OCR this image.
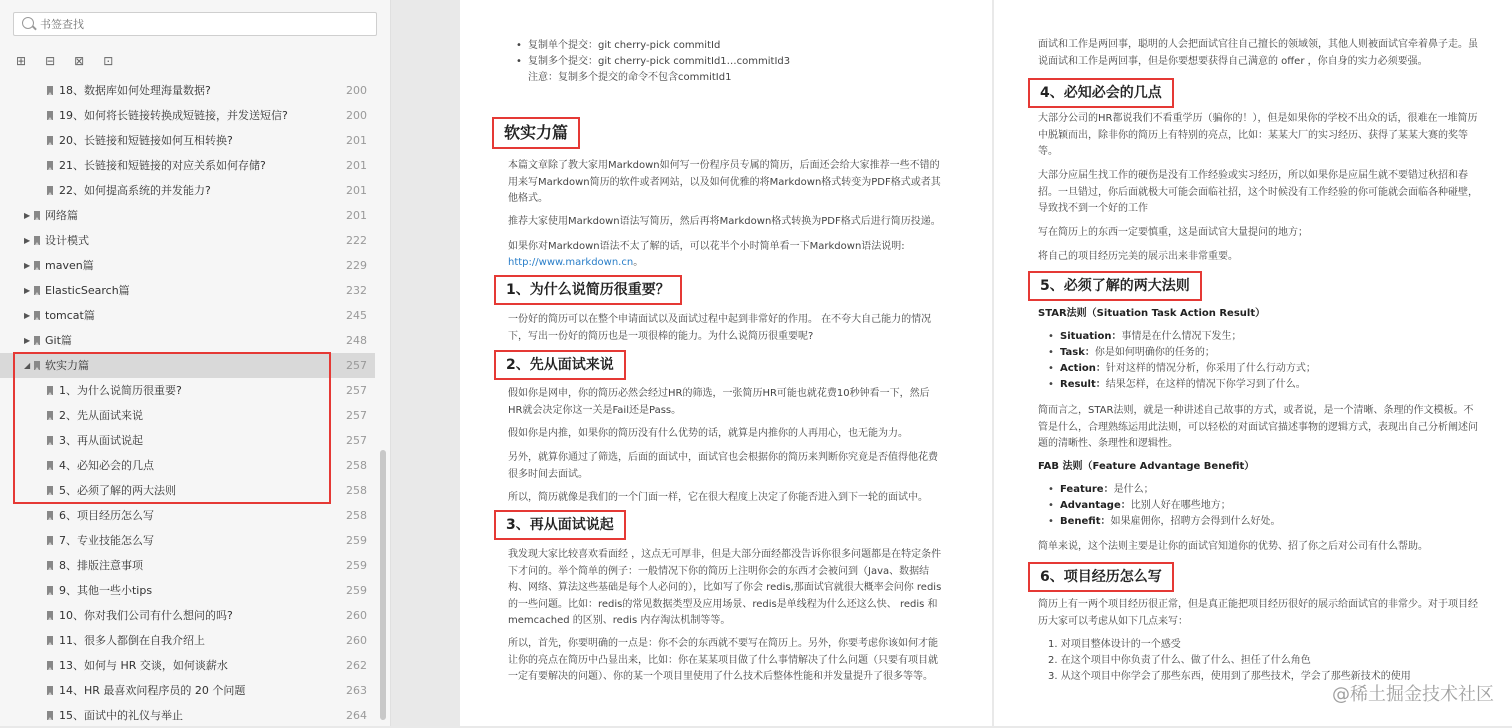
书签查找
⊞ ⊟ ⊠ ⊡
18、数据库如何处理海量数据?	200
19、如何将长链接转换成短链接，并发送短信?	200
20、长链接和短链接如何互相转换?	201
21、长链接和短链接的对应关系如何存储?	201
22、如何提高系统的并发能力?	201
▶ 网络篇	201
▶ 设计模式	222
▶ maven篇	229
▶ ElasticSearch篇	232
▶ tomcat篇	245
▶ Git篇	248
◢ 软实力篇	257
1、为什么说简历很重要?	257
2、先从面试来说	257
3、再从面试说起	257
4、必知必会的几点	258
5、必须了解的两大法则	258
6、项目经历怎么写	258
7、专业技能怎么写	259
8、排版注意事项	259
9、其他一些小tips	259
10、你对我们公司有什么想问的吗?	260
11、很多人都倒在自我介绍上	260
13、如何与 HR 交谈，如何谈薪水	262
14、HR 最喜欢问程序员的 20 个问题	263
15、面试中的礼仪与举止	264
• 复制单个提交：git cherry-pick commitId
• 复制多个提交：git cherry-pick commitId1…commitId3
注意：复制多个提交的命令不包含commitId1
软实力篇
本篇文章除了教大家用Markdown如何写一份程序员专属的简历，后面还会给大家推荐一些不错的用来写Markdown简历的软件或者网站，以及如何优雅的将Markdown格式转变为PDF格式或者其他格式。
推荐大家使用Markdown语法写简历，然后再将Markdown格式转换为PDF格式后进行简历投递。
如果你对Markdown语法不太了解的话，可以花半个小时简单看一下Markdown语法说明:
http://www.markdown.cn。
1、为什么说简历很重要？
一份好的简历可以在整个申请面试以及面试过程中起到非常好的作用。 在不夸大自己能力的情况下，写出一份好的简历也是一项很棒的能力。为什么说简历很重要呢?
2、先从面试来说
假如你是网申，你的简历必然会经过HR的筛选，一张简历HR可能也就花费10秒钟看一下，然后HR就会决定你这一关是Fail还是Pass。
假如你是内推，如果你的简历没有什么优势的话，就算是内推你的人再用心，也无能为力。
另外，就算你通过了筛选，后面的面试中，面试官也会根据你的简历来判断你究竟是否值得他花费很多时间去面试。
所以，简历就像是我们的一个门面一样，它在很大程度上决定了你能否进入到下一轮的面试中。
3、再从面试说起
我发现大家比较喜欢看面经 ，这点无可厚非，但是大部分面经都没告诉你很多问题都是在特定条件下才问的。举个简单的例子：一般情况下你的简历上注明你会的东西才会被问到（Java、数据结构、网络、算法这些基础是每个人必问的），比如写了你会 redis,那面试官就很大概率会问你 redis的一些问题。比如：redis的常见数据类型及应用场景、redis是单线程为什么还这么快、 redis 和memcached 的区别、redis 内存淘汰机制等等。
所以，首先，你要明确的一点是：你不会的东西就不要写在简历上。另外，你要考虑你该如何才能让你的亮点在简历中凸显出来，比如：你在某某项目做了什么事情解决了什么问题（只要有项目就一定有要解决的问题）、你的某一个项目里使用了什么技术后整体性能和并发量提升了很多等等。
面试和工作是两回事，聪明的人会把面试官往自己擅长的领域领，其他人则被面试官牵着鼻子走。虽说面试和工作是两回事，但是你要想要获得自己满意的 offer ，你自身的实力必须要强。
4、必知必会的几点
大部分公司的HR都说我们不看重学历（骗你的！），但是如果你的学校不出众的话，很难在一堆简历中脱颖而出，除非你的简历上有特别的亮点，比如：某某大厂的实习经历、获得了某某大赛的奖等等。
大部分应届生找工作的硬伤是没有工作经验或实习经历，所以如果你是应届生就不要错过秋招和春招。一旦错过，你后面就极大可能会面临社招，这个时候没有工作经验的你可能就会面临各种碰壁，导致找不到一个好的工作
写在简历上的东西一定要慎重，这是面试官大量提问的地方；
将自己的项目经历完美的展示出来非常重要。
5、必须了解的两大法则
STAR法则（Situation Task Action Result）
• Situation：事情是在什么情况下发生；
• Task：你是如何明确你的任务的；
• Action：针对这样的情况分析，你采用了什么行动方式；
• Result：结果怎样，在这样的情况下你学习到了什么。
简而言之，STAR法则，就是一种讲述自己故事的方式，或者说，是一个清晰、条理的作文模板。不管是什么，合理熟练运用此法则，可以轻松的对面试官描述事物的逻辑方式，表现出自己分析阐述问题的清晰性、条理性和逻辑性。
FAB 法则（Feature Advantage Benefit）
• Feature：是什么；
• Advantage：比别人好在哪些地方；
• Benefit：如果雇佣你，招聘方会得到什么好处。
简单来说，这个法则主要是让你的面试官知道你的优势、招了你之后对公司有什么帮助。
6、项目经历怎么写
简历上有一两个项目经历很正常，但是真正能把项目经历很好的展示给面试官的非常少。对于项目经历大家可以考虑从如下几点来写：
1. 对项目整体设计的一个感受
2. 在这个项目中你负责了什么、做了什么、担任了什么角色
3. 从这个项目中你学会了那些东西，使用到了那些技术，学会了那些新技术的使用
@稀土掘金技术社区
